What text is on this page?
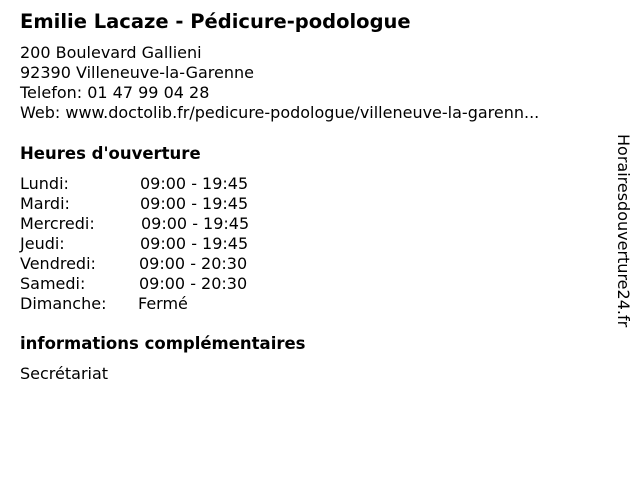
Emilie Lacaze - Pédicure-podologue
200 Boulevard Gallieni
92390 Villeneuve-la-Garenne
Telefon: 01 47 99 04 28
Web: www.doctolib.fr/pedicure-podologue/villeneuve-la-garenn...
Heures d'ouverture
Lundi:	09:00 - 19:45
Mardi:	09:00 - 19:45
Mercredi:	09:00 - 19:45
Jeudi:	09:00 - 19:45
Vendredi:	09:00 - 20:30
Samedi:	09:00 - 20:30
Dimanche: Fermé
informations complémentaires
Secrétariat
Horairesdouverture24.fr
